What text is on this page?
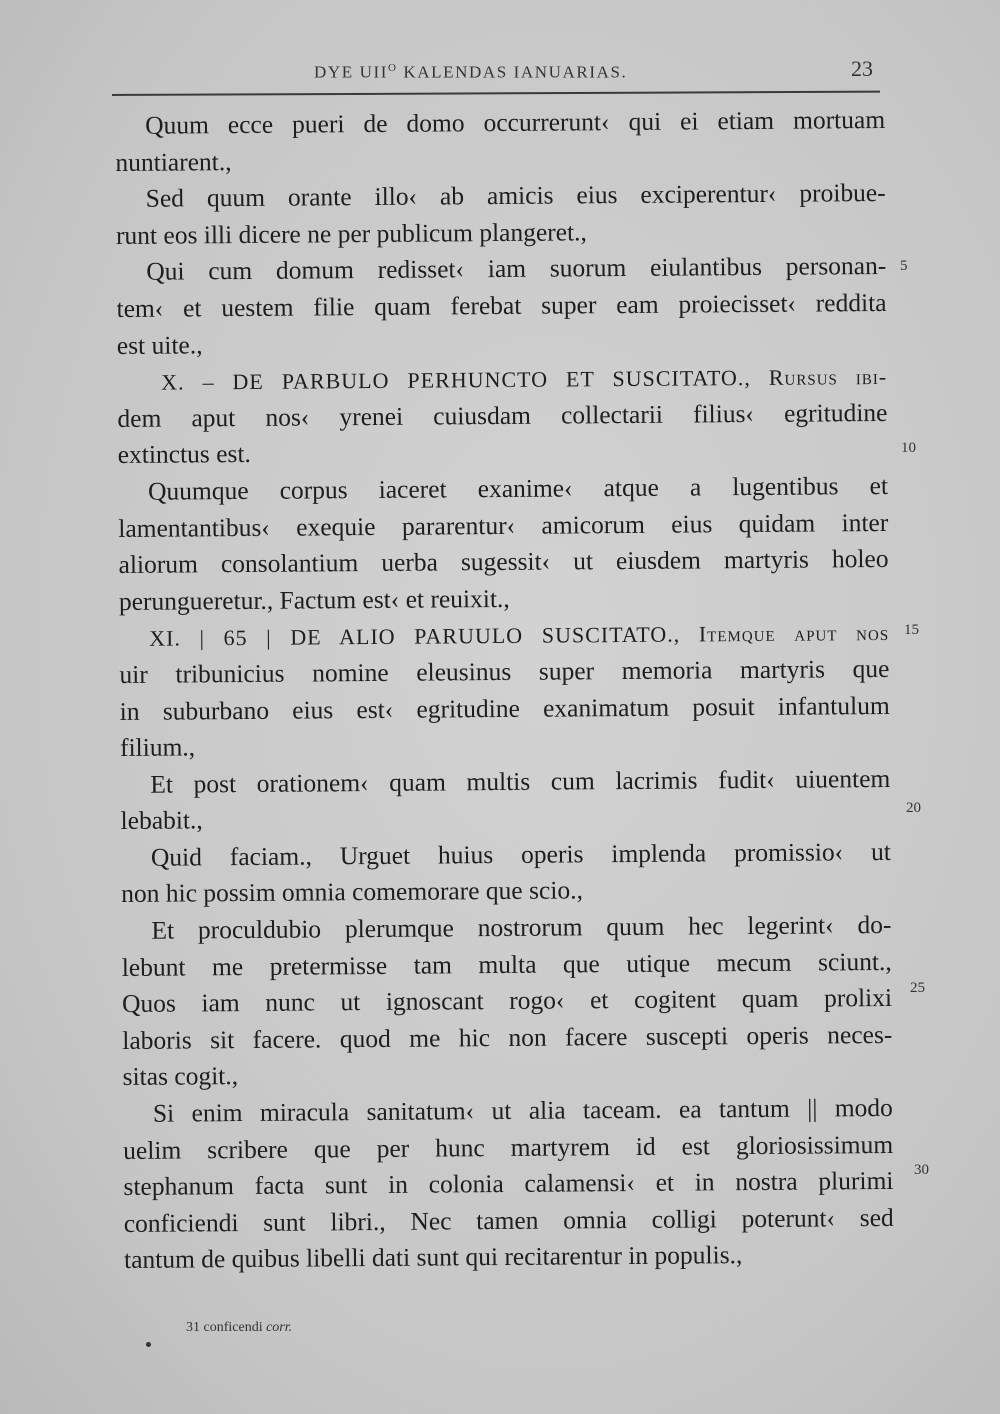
DYE $UII^O$ KALENDAS IANUARIAS.	23
Quum ecce pueri de domo occurrerunt‹ qui ei etiam mortuam
nuntiarent.,
Sed quum orante illo‹ ab amicis eius exciperentur‹ proibue-
runt eos illi dicere ne per publicum plangeret.,
Qui cum domum redisset‹ iam suorum eiulantibus personan-
tem‹ et uestem filie quam ferebat super eam proiecisset‹ reddita
est uite.,
X. – DE PARBULO PERHUNCTO ET SUSCITATO., Rursus ibi-
dem aput nos‹ yrenei cuiusdam collectarii filius‹ egritudine
extinctus est.
Quumque corpus iaceret exanime‹ atque a lugentibus et
lamentantibus‹ exequie pararentur‹ amicorum eius quidam inter
aliorum consolantium uerba sugessit‹ ut eiusdem martyris holeo
perungueretur., Factum est‹ et reuixit.,
XI. | 65 | DE ALIO PARUULO SUSCITATO., Itemque aput nos
uir tribunicius nomine eleusinus super memoria martyris que
in suburbano eius est‹ egritudine exanimatum posuit infantulum
filium.,
Et post orationem‹ quam multis cum lacrimis fudit‹ uiuentem
lebabit.,
Quid faciam., Urguet huius operis implenda promissio‹ ut
non hic possim omnia comemorare que scio.,
Et proculdubio plerumque nostrorum quum hec legerint‹ do-
lebunt me pretermisse tam multa que utique mecum sciunt.,
Quos iam nunc ut ignoscant rogo‹ et cogitent quam prolixi
laboris sit facere. quod me hic non facere suscepti operis neces-
sitas cogit.,
Si enim miracula sanitatum‹ ut alia taceam. ea tantum || modo
uelim scribere que per hunc martyrem id est gloriosissimum
stephanum facta sunt in colonia calamensi‹ et in nostra plurimi
conficiendi sunt libri., Nec tamen omnia colligi poterunt‹ sed
tantum de quibus libelli dati sunt qui recitarentur in populis.,
5
10
15
20
25
30
31 conficendi corr.
